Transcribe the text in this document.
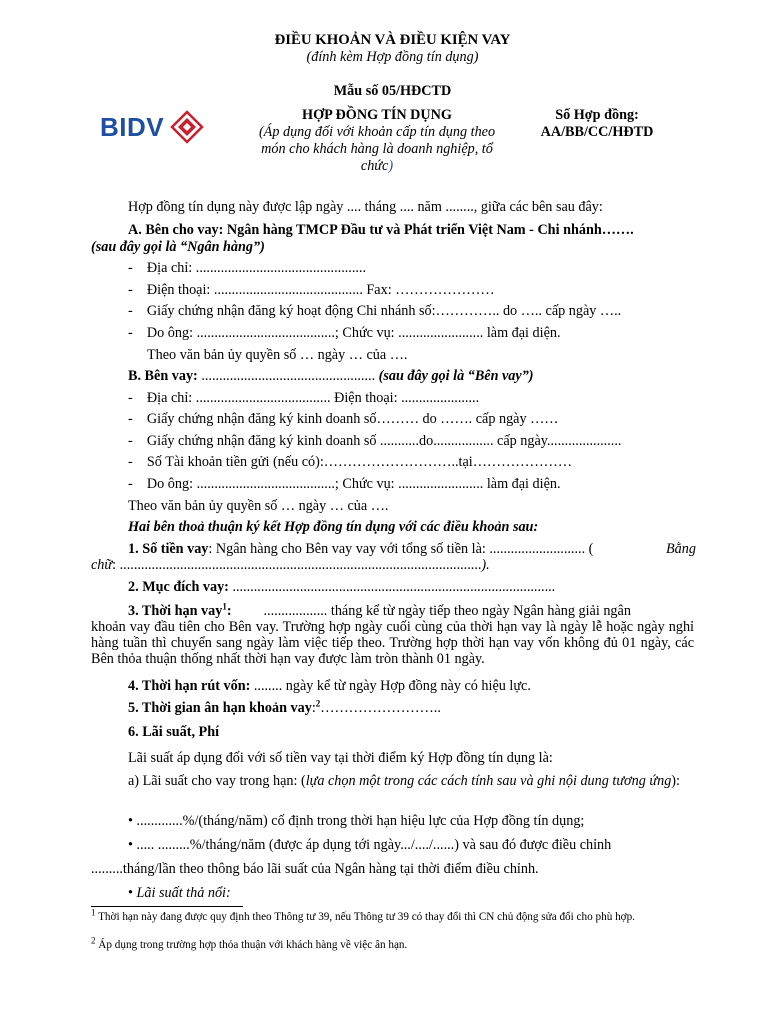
ĐIỀU KHOẢN VÀ ĐIỀU KIỆN VAY
(đính kèm Hợp đồng tín dụng)
Mẫu số 05/HĐCTD
BIDV	HỢP ĐỒNG TÍN DỤNG
(Áp dụng đối với khoản cấp tín dụng theo
món cho khách hàng là doanh nghiệp, tổ
chức)
Số Hợp đồng:
AA/BB/CC/HĐTD
Hợp đồng tín dụng này được lập ngày .... tháng .... năm ........, giữa các bên sau đây:
A. Bên cho vay: Ngân hàng TMCP Đầu tư và Phát triển Việt Nam - Chi nhánh…….
(sau đây gọi là “Ngân hàng”)
-    Địa chỉ: ................................................
-    Điện thoại: .......................................... Fax: …………………
-    Giấy chứng nhận đăng ký hoạt động Chi nhánh số:………….. do ….. cấp ngày …..
-    Do ông: .......................................; Chức vụ: ........................ làm đại diện.
Theo văn bản ủy quyền số … ngày … của ….
B. Bên vay: ................................................. (sau đây gọi là “Bên vay”)
-    Địa chỉ: ...................................... Điện thoại: ......................
-    Giấy chứng nhận đăng ký kinh doanh số……… do ……. cấp ngày ……
-    Giấy chứng nhận đăng ký kinh doanh số ...........do................. cấp ngày.....................
-    Số Tài khoản tiền gửi (nếu có):………………………..tại…………………
-    Do ông: .......................................; Chức vụ: ........................ làm đại diện.
Theo văn bản ủy quyền số … ngày … của ….
Hai bên thoả thuận ký kết Hợp đồng tín dụng với các điều khoản sau:
1. Số tiền vay: Ngân hàng cho Bên vay vay với tổng số tiền là: ........................... (	Bằng
chữ: ......................................................................................................).
2. Mục đích vay: ...........................................................................................
3. Thời hạn vay$^1$:         .................. tháng kể từ ngày tiếp theo ngày Ngân hàng giải ngân
khoản vay đầu tiên cho Bên vay. Trường hợp ngày cuối cùng của thời hạn vay là ngày lễ hoặc ngày nghỉ hàng tuần thì chuyển sang ngày làm việc tiếp theo. Trường hợp thời hạn vay vốn không đủ 01 ngày, các Bên thỏa thuận thống nhất thời hạn vay được làm tròn thành 01 ngày.
4. Thời hạn rút vốn: ........ ngày kể từ ngày Hợp đồng này có hiệu lực.
5. Thời gian ân hạn khoản vay:$^2$……………………..
6. Lãi suất, Phí
Lãi suất áp dụng đối với số tiền vay tại thời điểm ký Hợp đồng tín dụng là:
a) Lãi suất cho vay trong hạn: (lựa chọn một trong các cách tính sau và ghi nội dung tương ứng):
• .............%/(tháng/năm) cố định trong thời hạn hiệu lực của Hợp đồng tín dụng;
• ..... .........%/tháng/năm (được áp dụng tới ngày.../..../......) và sau đó được điều chỉnh
.........tháng/lần theo thông báo lãi suất của Ngân hàng tại thời điểm điều chỉnh.
• Lãi suất thả nổi:
$^1$ Thời hạn này đang được quy định theo Thông tư 39, nếu Thông tư 39 có thay đổi thì CN chủ động sửa đổi cho phù hợp.
$^2$ Áp dụng trong trường hợp thỏa thuận với khách hàng về việc ân hạn.
